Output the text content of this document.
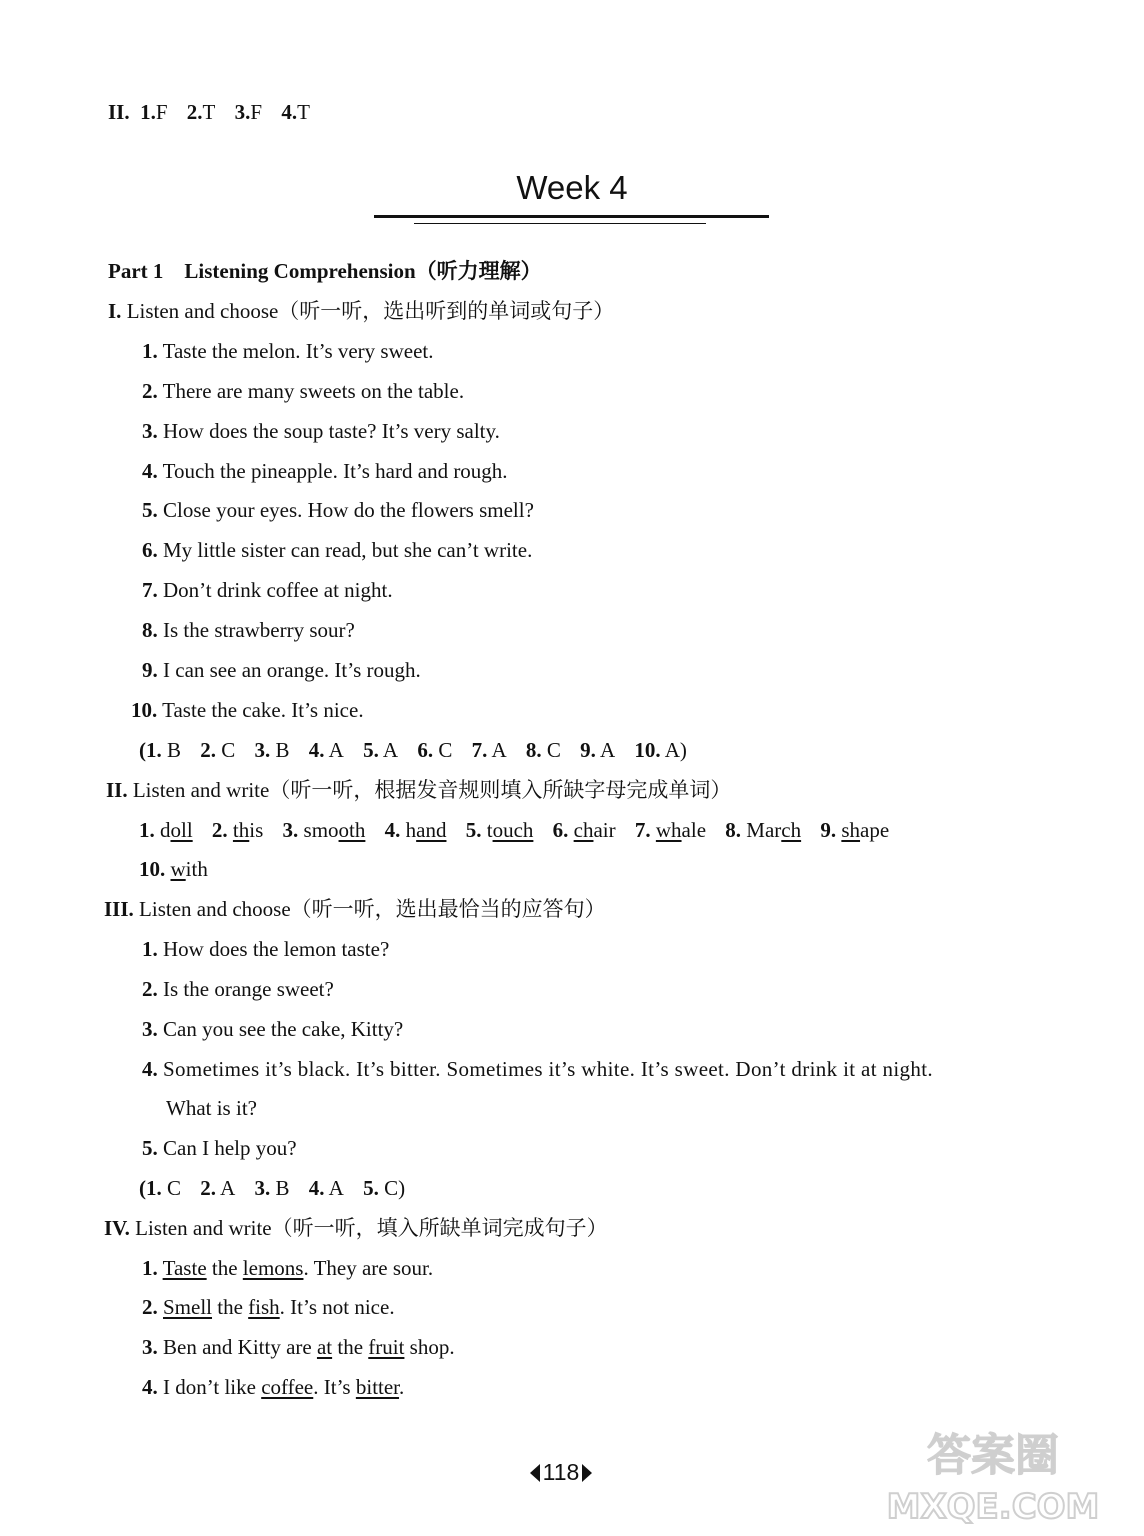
II. 1.F 2.T 3.F 4.T
Week 4
Part 1 Listening Comprehension（听力理解）
I. Listen and choose（听一听，选出听到的单词或句子）
1. Taste the melon. It’s very sweet.
2. There are many sweets on the table.
3. How does the soup taste? It’s very salty.
4. Touch the pineapple. It’s hard and rough.
5. Close your eyes. How do the flowers smell?
6. My little sister can read, but she can’t write.
7. Don’t drink coffee at night.
8. Is the strawberry sour?
9. I can see an orange. It’s rough.
10. Taste the cake. It’s nice.
(1. B 2. C 3. B 4. A 5. A 6. C 7. A 8. C 9. A 10. A)
II. Listen and write（听一听，根据发音规则填入所缺字母完成单词）
1. doll 2. this 3. smooth 4. hand 5. touch 6. chair 7. whale 8. March 9. shape
10. with
III. Listen and choose（听一听，选出最恰当的应答句）
1. How does the lemon taste?
2. Is the orange sweet?
3. Can you see the cake, Kitty?
4. Sometimes it’s black. It’s bitter. Sometimes it’s white. It’s sweet. Don’t drink it at night.
What is it?
5. Can I help you?
(1. C 2. A 3. B 4. A 5. C)
IV. Listen and write（听一听，填入所缺单词完成句子）
1. Taste the lemons. They are sour.
2. Smell the fish. It’s not nice.
3. Ben and Kitty are at the fruit shop.
4. I don’t like coffee. It’s bitter.
118	答案圈
MXQE.COM
